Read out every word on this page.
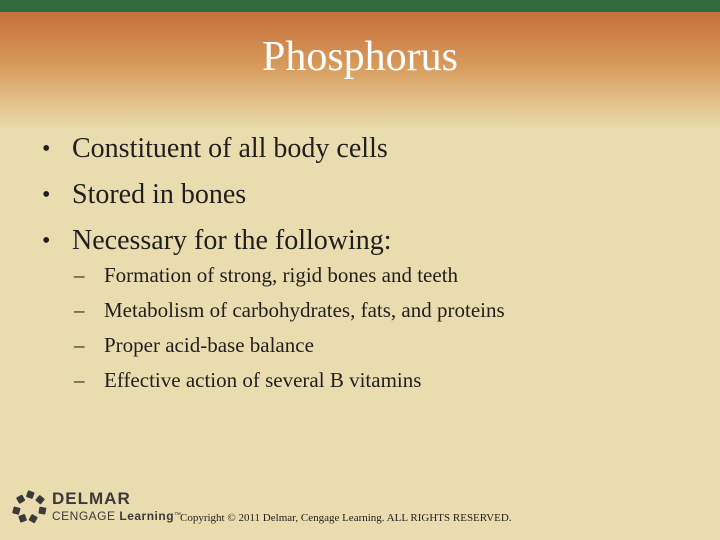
Phosphorus
• Constituent of all body cells
• Stored in bones
• Necessary for the following:
– Formation of strong, rigid bones and teeth
– Metabolism of carbohydrates, fats, and proteins
– Proper acid-base balance
– Effective action of several B vitamins
DELMAR
CENGAGE Learning™
Copyright © 2011 Delmar, Cengage Learning. ALL RIGHTS RESERVED.
